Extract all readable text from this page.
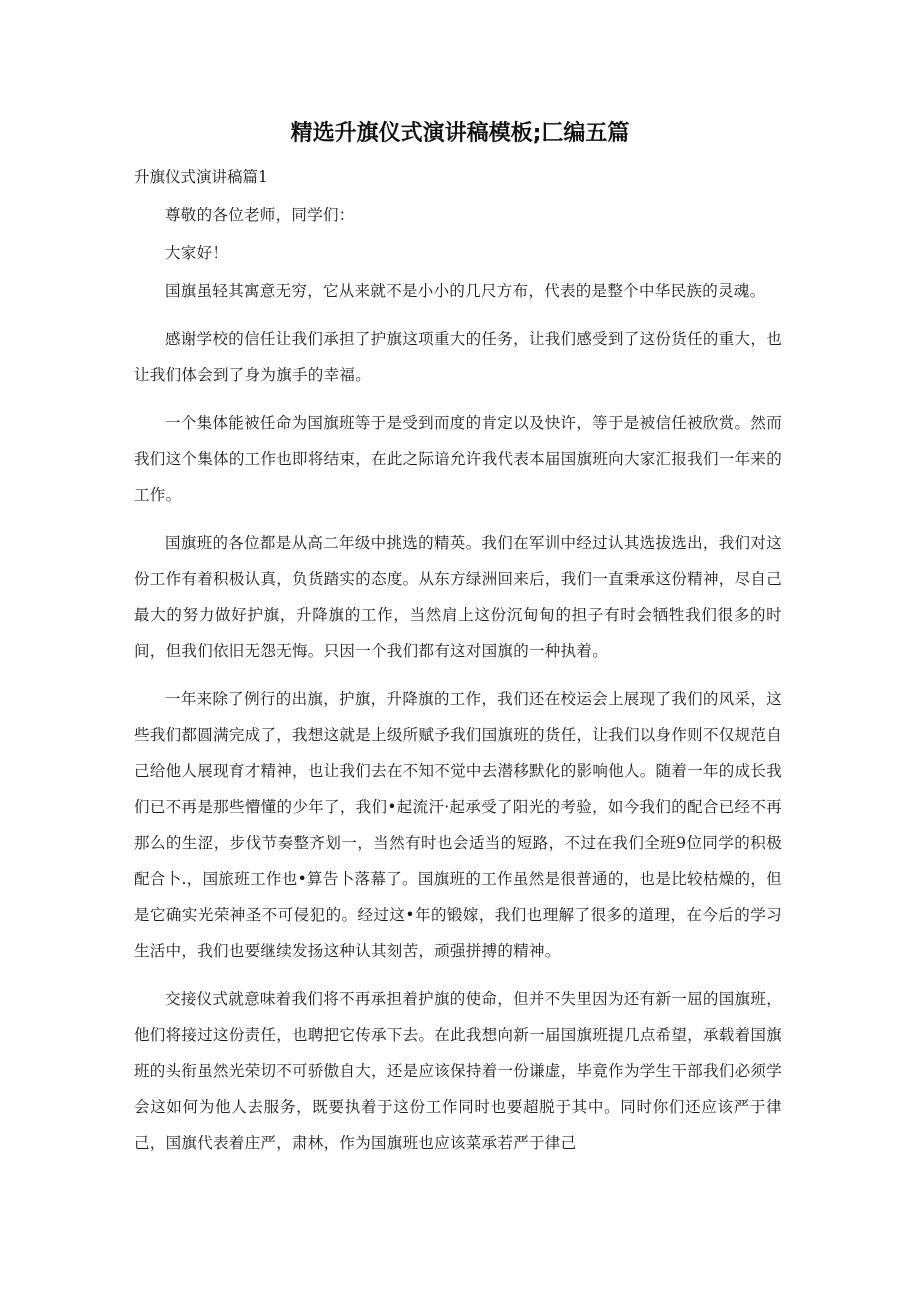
精选升旗仪式演讲稿模板;匚编五篇
升旗仪式演讲稿篇1

尊敬的各位老师，同学们：

大家好！

国旗虽轻其寓意无穷，它从来就不是小小的几尺方布，代表的是整个中华民族的灵魂。

感谢学校的信任让我们承担了护旗这项重大的任务，让我们感受到了这份货任的重大，也让我们体会到了身为旗手的幸福。

一个集体能被任命为国旗班等于是受到而度的肯定以及快许，等于是被信任被欣赏。然而我们这个集体的工作也即将结束，在此之际谙允许我代表本届国旗班向大家汇报我们一年来的工作。

国旗班的各位都是从高二年级中挑选的精英。我们在军训中经过认其选拔选出，我们对这份工作有着积极认真，负货踏实的态度。从东方绿洲回来后，我们一直秉承这份精神，尽自己最大的努力做好护旗，升降旗的工作，当然肩上这份沉甸甸的担子有时会牺牲我们很多的时间，但我们依旧无怨无悔。只因一个我们都有这对国旗的一种执着。

一年来除了例行的出旗，护旗，升降旗的工作，我们还在校运会上展现了我们的风采，这些我们都圆满完成了，我想这就是上级所赋予我们国旗班的货任，让我们以身作则不仅规范自己给他人展现育才精神，也让我们去在不知不觉中去潜移默化的影响他人。随着一年的成长我们已不再是那些懵懂的少年了，我们•起流汗·起承受了阳光的考验，如今我们的配合已经不再那么的生涩，步伐节奏整齐划一，当然有时也会适当的短路，不过在我们全班9位同学的积极配合卜.，国旅班工作也•算告卜落幕了。国旗班的工作虽然是很普通的，也是比较枯燥的，但是它确实光荣神圣不可侵犯的。经过这•年的锻嫁，我们也理解了很多的道理，在今后的学习生活中，我们也要继续发扬这种认其刻苦，顽强拼搏的精神。

交接仪式就意味着我们将不再承担着护旗的使命，但并不失里因为还有新一屈的国旗班，他们将接过这份责任，也聘把它传承下去。在此我想向新一届国旗班提几点希望，承载着国旗班的头衔虽然光荣切不可骄傲自大，还是应该保持着一份谦虚，毕竟作为学生干部我们必须学会这如何为他人去服务，既要执着于这份工作同时也要超脱于其中。同时你们还应该严于律己，国旗代表着庄严，肃林，作为国旗班也应该菜承若严于律己
